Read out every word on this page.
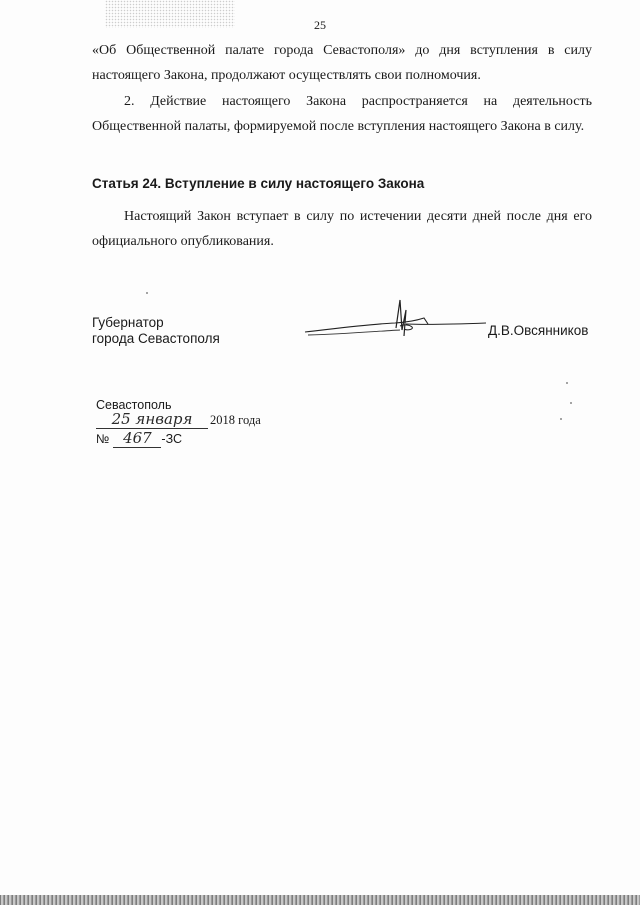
25

«Об Общественной палате города Севастополя» до дня вступления в силу настоящего Закона, продолжают осуществлять свои полномочия.

2. Действие настоящего Закона распространяется на деятельность Общественной палаты, формируемой после вступления настоящего Закона в силу.

Статья 24. Вступление в силу настоящего Закона

Настоящий Закон вступает в силу по истечении десяти дней после дня его официального опубликования.

Губернатор
города Севастополя
Д.В.Овсянников
Севастополь
25 января 2018 года
№ 467 -ЗС
